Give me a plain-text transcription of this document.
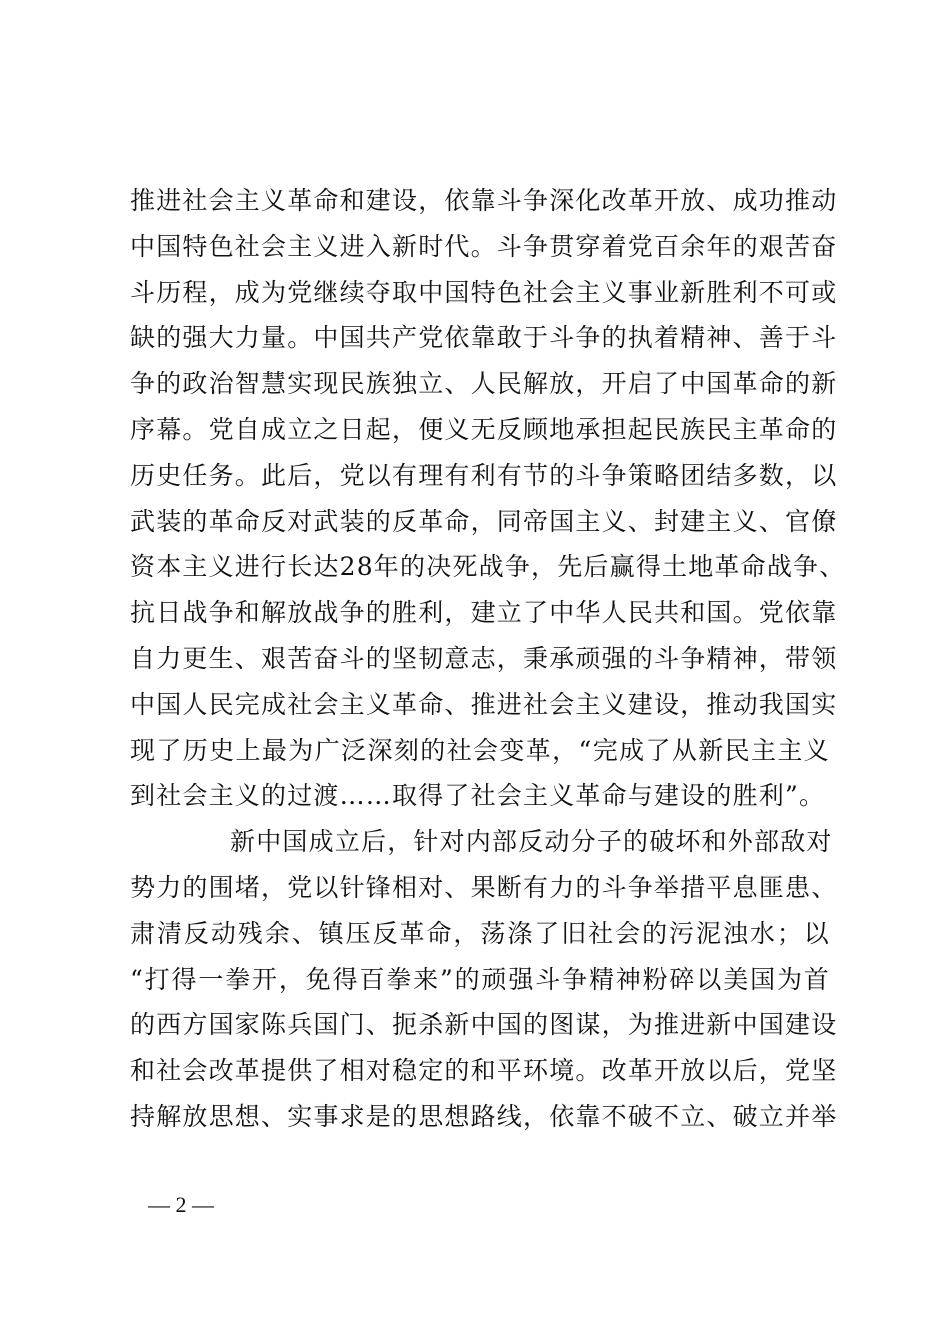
推进社会主义革命和建设，依靠斗争深化改革开放、成功推动
中国特色社会主义进入新时代。斗争贯穿着党百余年的艰苦奋
斗历程，成为党继续夺取中国特色社会主义事业新胜利不可或
缺的强大力量。中国共产党依靠敢于斗争的执着精神、善于斗
争的政治智慧实现民族独立、人民解放，开启了中国革命的新
序幕。党自成立之日起，便义无反顾地承担起民族民主革命的
历史任务。此后，党以有理有利有节的斗争策略团结多数，以
武装的革命反对武装的反革命，同帝国主义、封建主义、官僚
资本主义进行长达28年的决死战争，先后赢得土地革命战争、
抗日战争和解放战争的胜利，建立了中华人民共和国。党依靠
自力更生、艰苦奋斗的坚韧意志，秉承顽强的斗争精神，带领
中国人民完成社会主义革命、推进社会主义建设，推动我国实
现了历史上最为广泛深刻的社会变革，“完成了从新民主主义
到社会主义的过渡……取得了社会主义革命与建设的胜利”。
新中国成立后，针对内部反动分子的破坏和外部敌对
势力的围堵，党以针锋相对、果断有力的斗争举措平息匪患、
肃清反动残余、镇压反革命，荡涤了旧社会的污泥浊水；以
“打得一拳开，免得百拳来”的顽强斗争精神粉碎以美国为首
的西方国家陈兵国门、扼杀新中国的图谋，为推进新中国建设
和社会改革提供了相对稳定的和平环境。改革开放以后，党坚
持解放思想、实事求是的思想路线，依靠不破不立、破立并举
— 2 —
